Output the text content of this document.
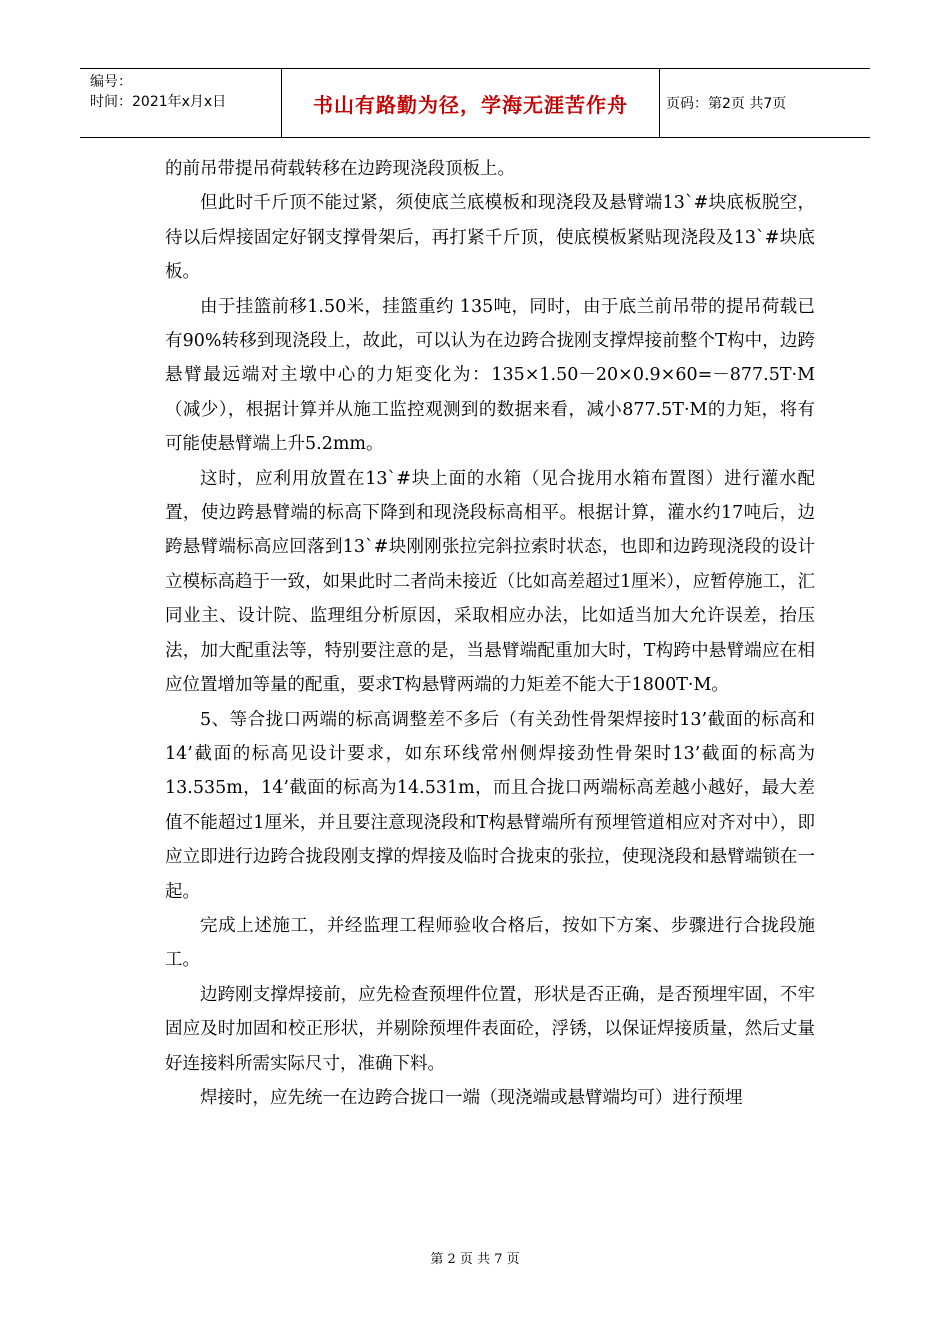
编号：
时间：2021年x月x日	书山有路勤为径，学海无涯苦作舟	页码：第2页 共7页

的前吊带提吊荷载转移在边跨现浇段顶板上。

但此时千斤顶不能过紧，须使底兰底模板和现浇段及悬臂端13`#块底板脱空，待以后焊接固定好钢支撑骨架后，再打紧千斤顶，使底模板紧贴现浇段及13`#块底板。

由于挂篮前移1.50米，挂篮重约 135吨，同时，由于底兰前吊带的提吊荷载已有90%转移到现浇段上，故此，可以认为在边跨合拢刚支撑焊接前整个T构中，边跨悬臂最远端对主墩中心的力矩变化为：135×1.50－20×0.9×60=－877.5T·M（减少），根据计算并从施工监控观测到的数据来看，减小877.5T·M的力矩，将有可能使悬臂端上升5.2mm。

这时，应利用放置在13`#块上面的水箱（见合拢用水箱布置图）进行灌水配置，使边跨悬臂端的标高下降到和现浇段标高相平。根据计算，灌水约17吨后，边跨悬臂端标高应回落到13`#块刚刚张拉完斜拉索时状态，也即和边跨现浇段的设计立模标高趋于一致，如果此时二者尚未接近（比如高差超过1厘米），应暂停施工，汇同业主、设计院、监理组分析原因，采取相应办法，比如适当加大允许误差，抬压法，加大配重法等，特别要注意的是，当悬臂端配重加大时，T构跨中悬臂端应在相应位置增加等量的配重，要求T构悬臂两端的力矩差不能大于1800T·M。

5、等合拢口两端的标高调整差不多后（有关劲性骨架焊接时13’截面的标高和14’截面的标高见设计要求，如东环线常州侧焊接劲性骨架时13’截面的标高为13.535m，14’截面的标高为14.531m，而且合拢口两端标高差越小越好，最大差值不能超过1厘米，并且要注意现浇段和T构悬臂端所有预埋管道相应对齐对中），即应立即进行边跨合拢段刚支撑的焊接及临时合拢束的张拉，使现浇段和悬臂端锁在一起。

完成上述施工，并经监理工程师验收合格后，按如下方案、步骤进行合拢段施工。

边跨刚支撑焊接前，应先检查预埋件位置，形状是否正确，是否预埋牢固，不牢固应及时加固和校正形状，并剔除预埋件表面砼，浮锈，以保证焊接质量，然后丈量好连接料所需实际尺寸，准确下料。

焊接时，应先统一在边跨合拢口一端（现浇端或悬臂端均可）进行预埋

第 2 页 共 7 页
